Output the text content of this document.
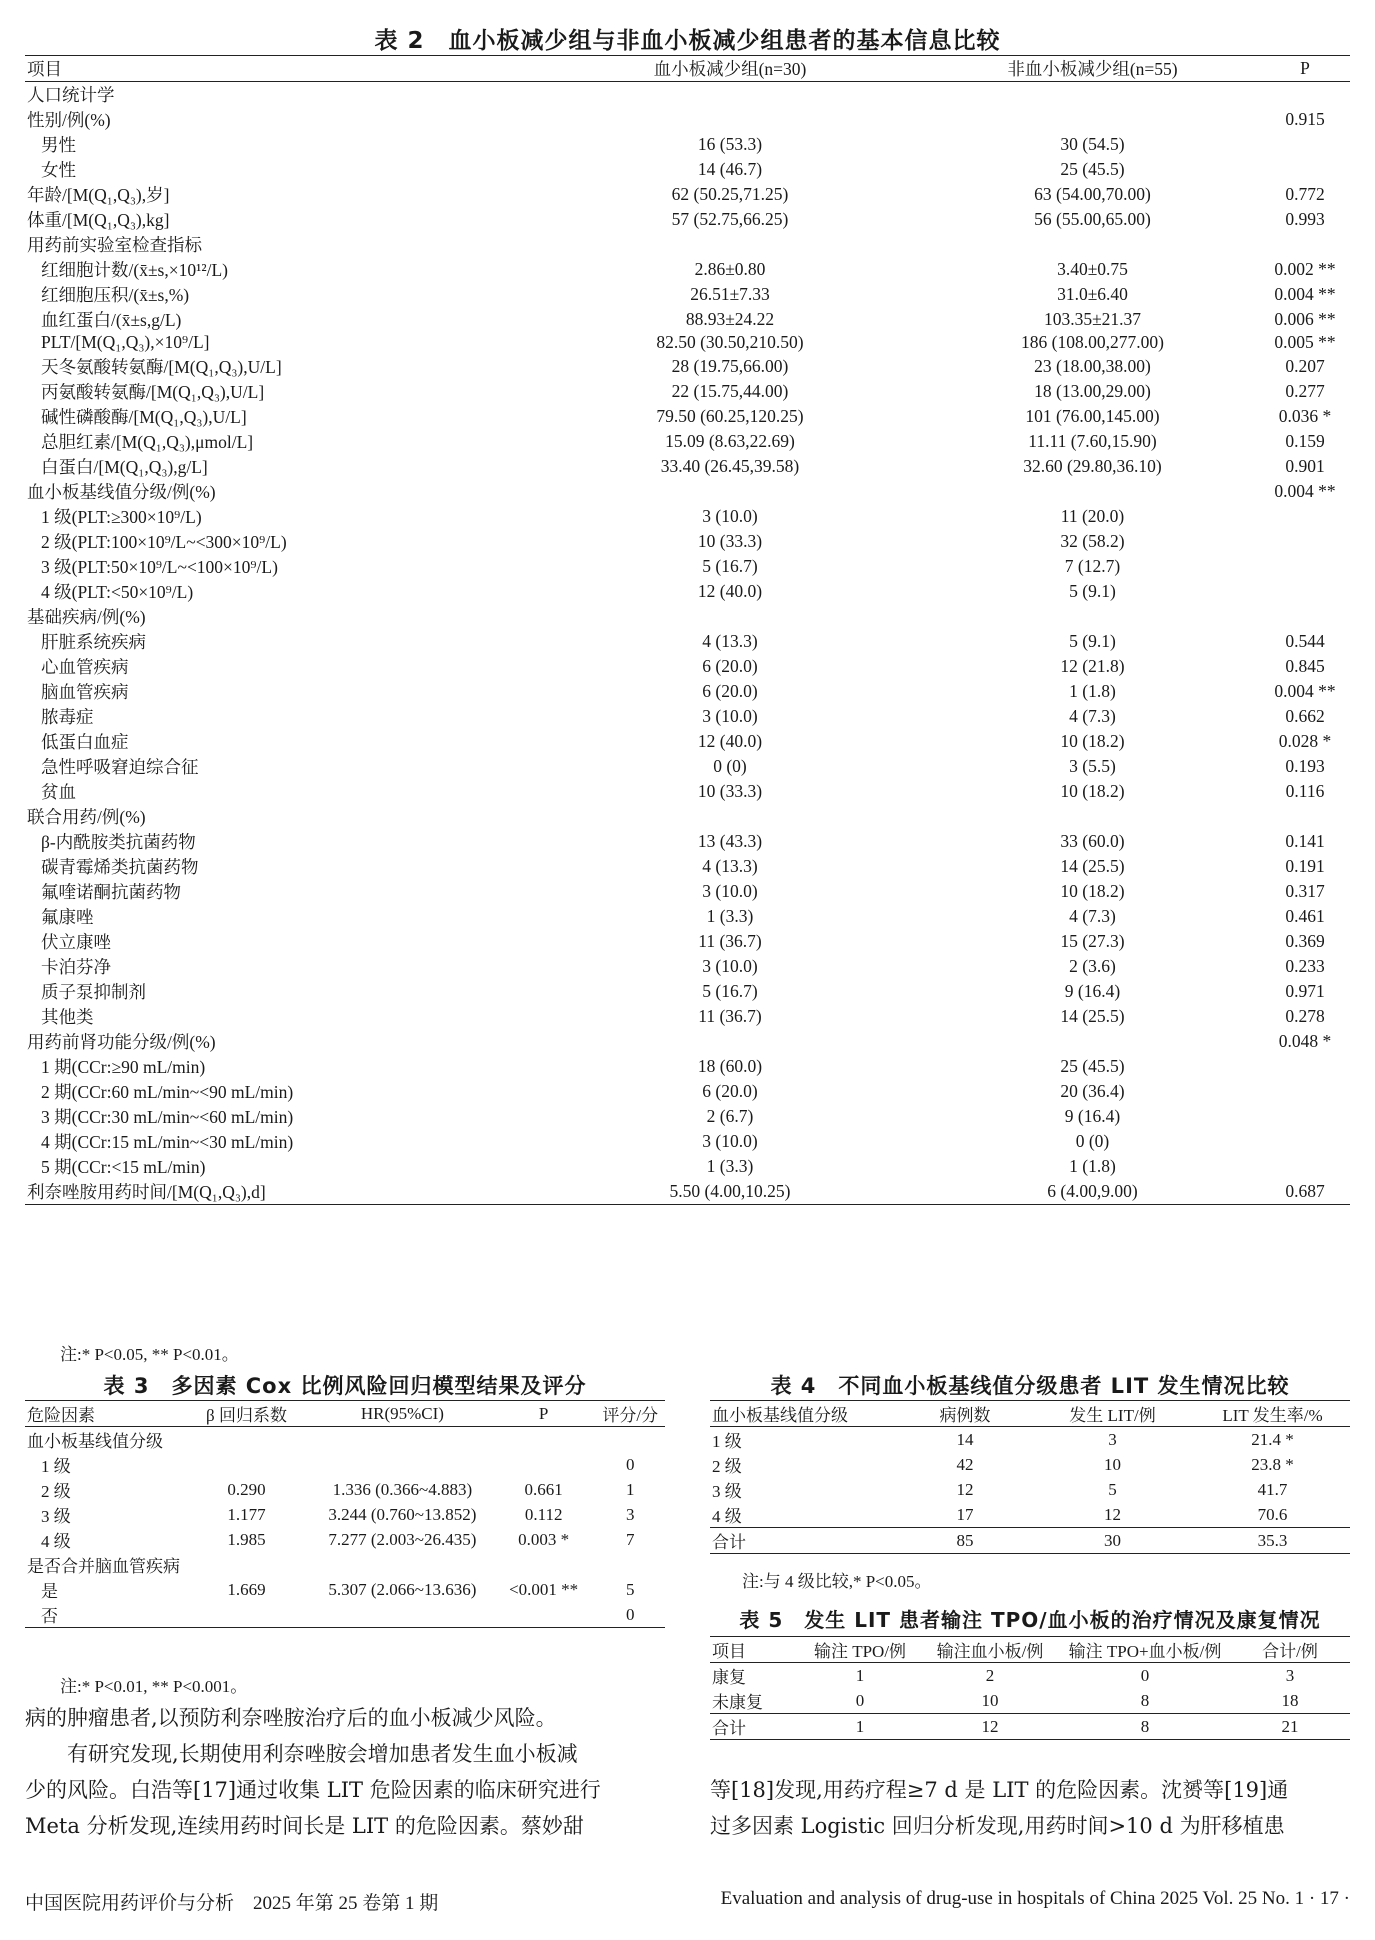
表 2　血小板减少组与非血小板减少组患者的基本信息比较
项目	血小板减少组(n=30)	非血小板减少组(n=55)	P
人口统计学			
性别/例(%)			0.915
男性	16 (53.3)	30 (54.5)	
女性	14 (46.7)	25 (45.5)	
年龄/[M(Q₁,Q₃),岁]	62 (50.25,71.25)	63 (54.00,70.00)	0.772
体重/[M(Q₁,Q₃),kg]	57 (52.75,66.25)	56 (55.00,65.00)	0.993
用药前实验室检查指标			
红细胞计数/(x̄±s,×10¹²/L)	2.86±0.80	3.40±0.75	0.002 **
红细胞压积/(x̄±s,%)	26.51±7.33	31.0±6.40	0.004 **
血红蛋白/(x̄±s,g/L)	88.93±24.22	103.35±21.37	0.006 **
PLT/[M(Q₁,Q₃),×10⁹/L]	82.50 (30.50,210.50)	186 (108.00,277.00)	0.005 **
天冬氨酸转氨酶/[M(Q₁,Q₃),U/L]	28 (19.75,66.00)	23 (18.00,38.00)	0.207
丙氨酸转氨酶/[M(Q₁,Q₃),U/L]	22 (15.75,44.00)	18 (13.00,29.00)	0.277
碱性磷酸酶/[M(Q₁,Q₃),U/L]	79.50 (60.25,120.25)	101 (76.00,145.00)	0.036 *
总胆红素/[M(Q₁,Q₃),μmol/L]	15.09 (8.63,22.69)	11.11 (7.60,15.90)	0.159
白蛋白/[M(Q₁,Q₃),g/L]	33.40 (26.45,39.58)	32.60 (29.80,36.10)	0.901
血小板基线值分级/例(%)			0.004 **
1 级(PLT:≥300×10⁹/L)	3 (10.0)	11 (20.0)	
2 级(PLT:100×10⁹/L~<300×10⁹/L)	10 (33.3)	32 (58.2)	
3 级(PLT:50×10⁹/L~<100×10⁹/L)	5 (16.7)	7 (12.7)	
4 级(PLT:<50×10⁹/L)	12 (40.0)	5 (9.1)	
基础疾病/例(%)			
肝脏系统疾病	4 (13.3)	5 (9.1)	0.544
心血管疾病	6 (20.0)	12 (21.8)	0.845
脑血管疾病	6 (20.0)	1 (1.8)	0.004 **
脓毒症	3 (10.0)	4 (7.3)	0.662
低蛋白血症	12 (40.0)	10 (18.2)	0.028 *
急性呼吸窘迫综合征	0 (0)	3 (5.5)	0.193
贫血	10 (33.3)	10 (18.2)	0.116
联合用药/例(%)			
β-内酰胺类抗菌药物	13 (43.3)	33 (60.0)	0.141
碳青霉烯类抗菌药物	4 (13.3)	14 (25.5)	0.191
氟喹诺酮抗菌药物	3 (10.0)	10 (18.2)	0.317
氟康唑	1 (3.3)	4 (7.3)	0.461
伏立康唑	11 (36.7)	15 (27.3)	0.369
卡泊芬净	3 (10.0)	2 (3.6)	0.233
质子泵抑制剂	5 (16.7)	9 (16.4)	0.971
其他类	11 (36.7)	14 (25.5)	0.278
用药前肾功能分级/例(%)			0.048 *
1 期(CCr:≥90 mL/min)	18 (60.0)	25 (45.5)	
2 期(CCr:60 mL/min~<90 mL/min)	6 (20.0)	20 (36.4)	
3 期(CCr:30 mL/min~<60 mL/min)	2 (6.7)	9 (16.4)	
4 期(CCr:15 mL/min~<30 mL/min)	3 (10.0)	0 (0)	
5 期(CCr:<15 mL/min)	1 (3.3)	1 (1.8)	
利奈唑胺用药时间/[M(Q₁,Q₃),d]	5.50 (4.00,10.25)	6 (4.00,9.00)	0.687
注:* P<0.05, ** P<0.01。
表 3　多因素 Cox 比例风险回归模型结果及评分
危险因素	β 回归系数	HR(95%CI)	P	评分/分
血小板基线值分级				
1 级				0
2 级	0.290	1.336 (0.366~4.883)	0.661	1
3 级	1.177	3.244 (0.760~13.852)	0.112	3
4 级	1.985	7.277 (2.003~26.435)	0.003 *	7
是否合并脑血管疾病				
是	1.669	5.307 (2.066~13.636)	<0.001 **	5
否				0
注:* P<0.01, ** P<0.001。
表 4　不同血小板基线值分级患者 LIT 发生情况比较
血小板基线值分级	病例数	发生 LIT/例	LIT 发生率/%
1 级	14	3	21.4 *
2 级	42	10	23.8 *
3 级	12	5	41.7
4 级	17	12	70.6
合计	85	30	35.3
注:与 4 级比较,* P<0.05。
表 5　发生 LIT 患者输注 TPO/血小板的治疗情况及康复情况
项目	输注 TPO/例	输注血小板/例	输注 TPO+血小板/例	合计/例
康复	1	2	0	3
未康复	0	10	8	18
合计	1	12	8	21
病的肿瘤患者,以预防利奈唑胺治疗后的血小板减少风险。
　　有研究发现,长期使用利奈唑胺会增加患者发生血小板减
少的风险。白浩等[17]通过收集 LIT 危险因素的临床研究进行
Meta 分析发现,连续用药时间长是 LIT 的危险因素。蔡妙甜
等[18]发现,用药疗程≥7 d 是 LIT 的危险因素。沈赟等[19]通
过多因素 Logistic 回归分析发现,用药时间>10 d 为肝移植患
中国医院用药评价与分析　2025 年第 25 卷第 1 期	Evaluation and analysis of drug-use in hospitals of China 2025 Vol. 25 No. 1 · 17 ·
